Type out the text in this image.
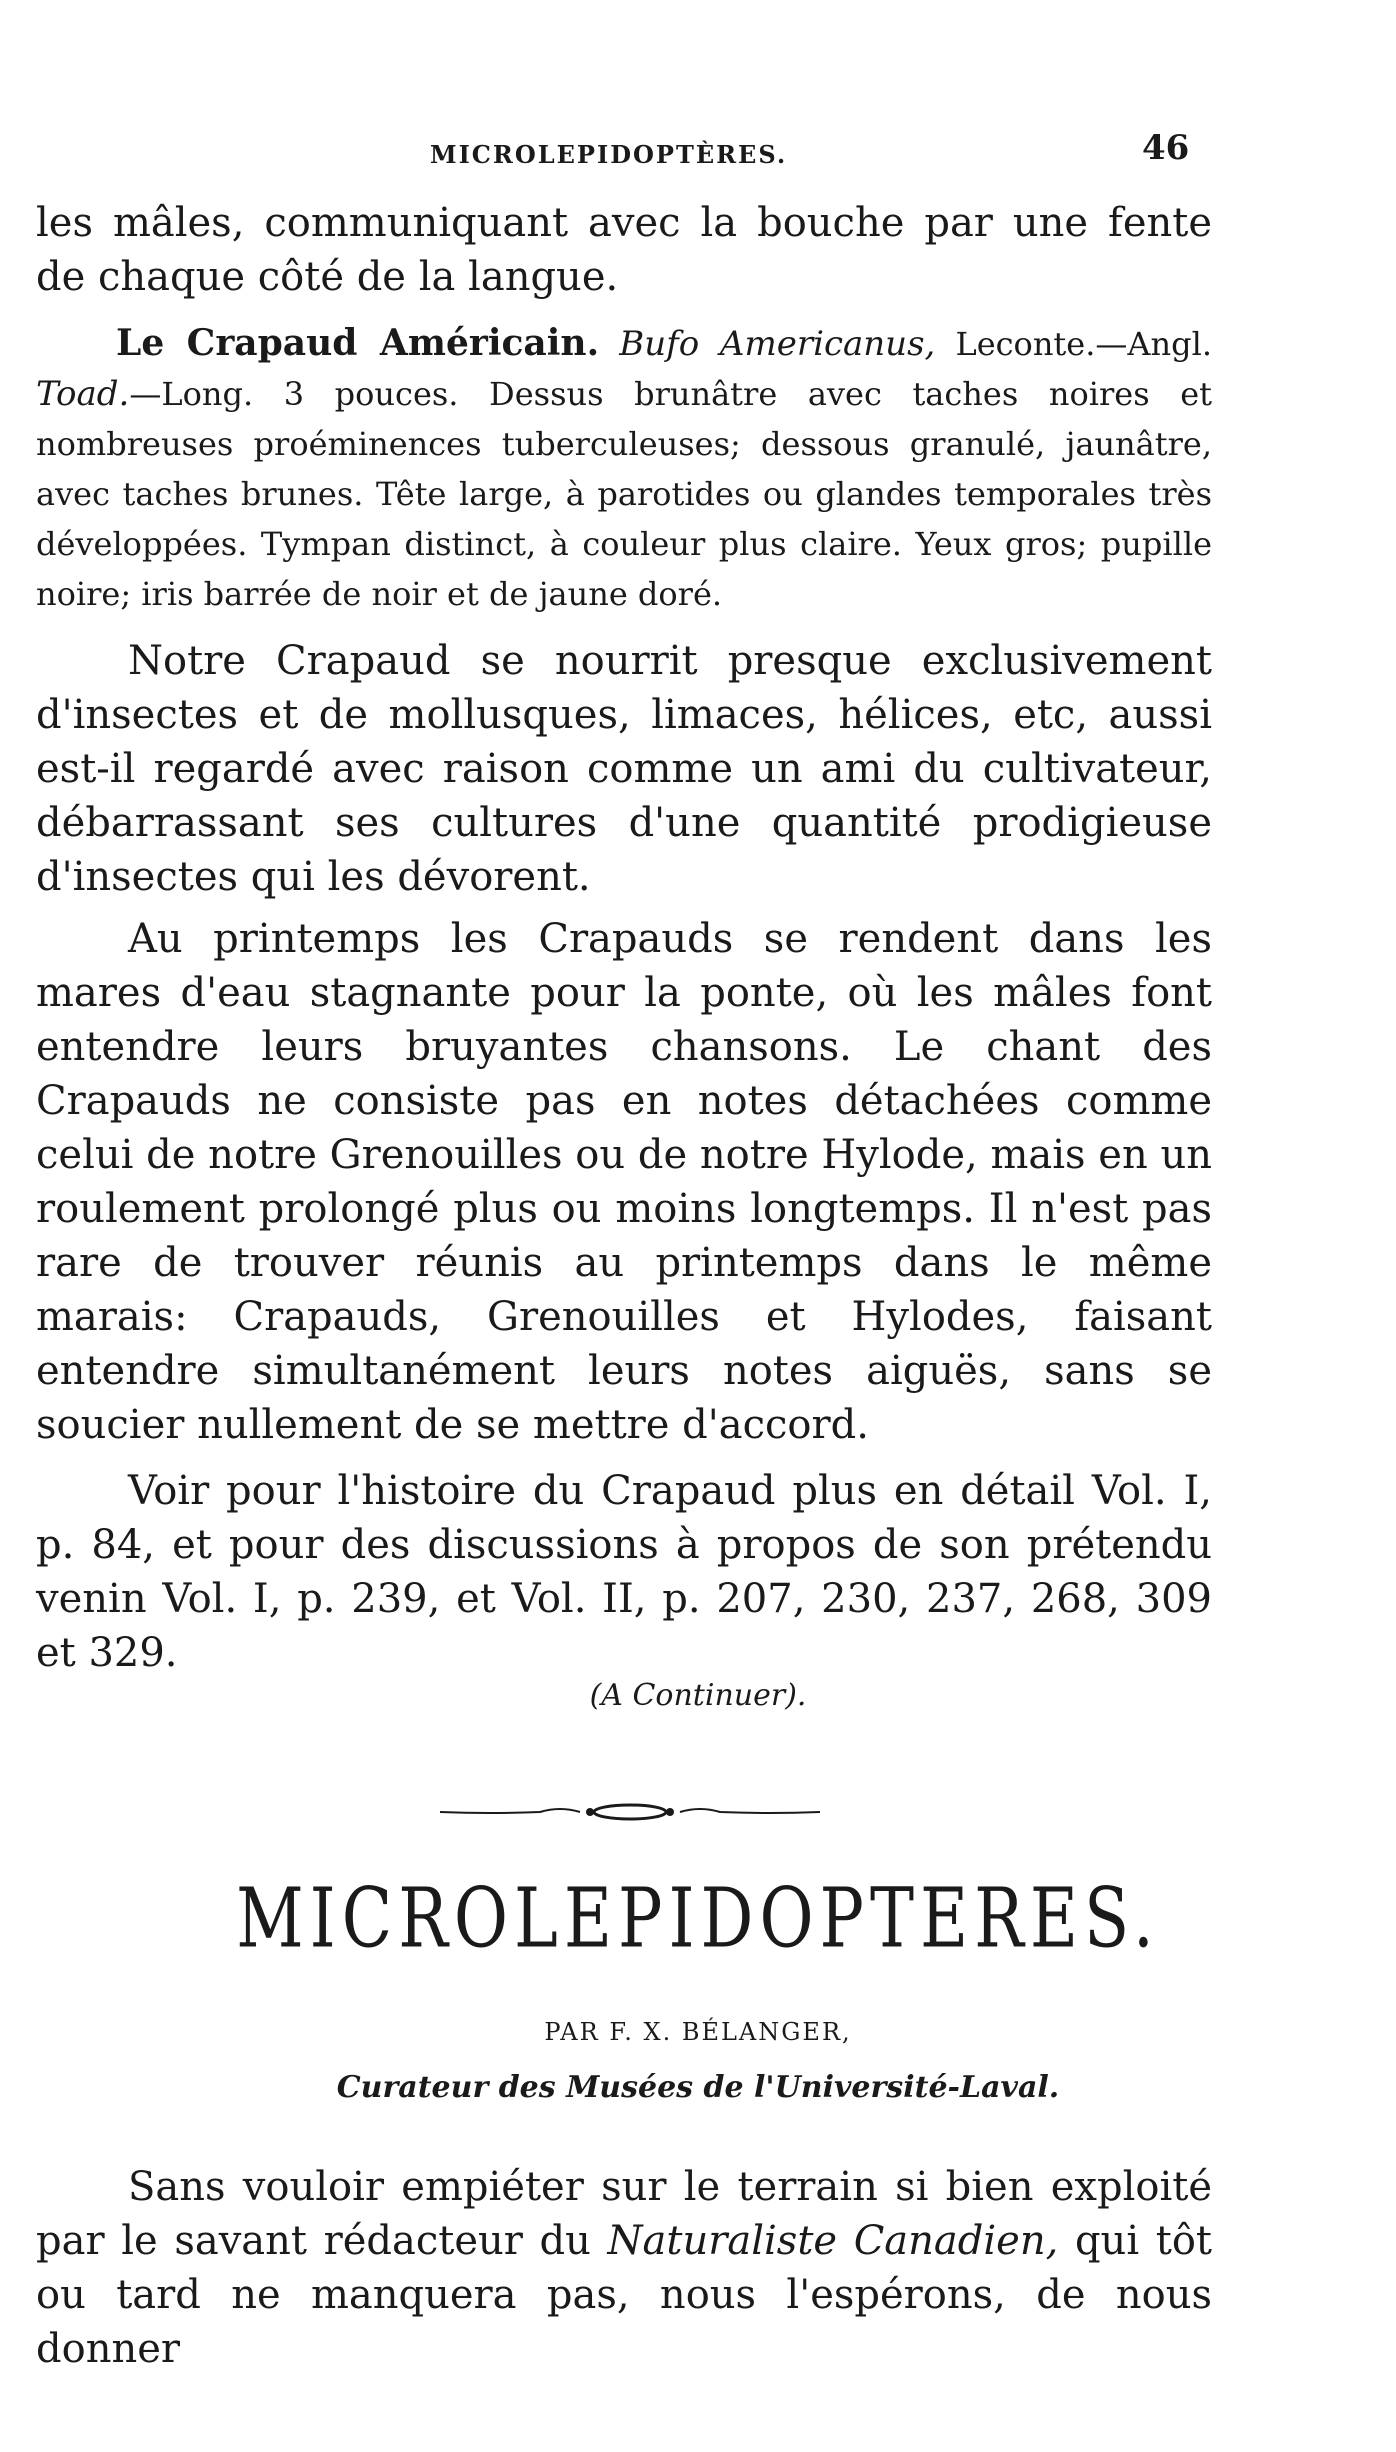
MICROLEPIDOPTÈRES.	46

les mâles, communiquant avec la bouche par une fente de chaque côté de la langue.

Le Crapaud Américain. Bufo Americanus, Leconte.—Angl. Toad.—Long. 3 pouces. Dessus brunâtre avec taches noires et nombreuses proéminences tuberculeuses; dessous granulé, jaunâtre, avec taches brunes. Tête large, à parotides ou glandes temporales très développées. Tympan distinct, à couleur plus claire. Yeux gros; pupille noire; iris barrée de noir et de jaune doré.

Notre Crapaud se nourrit presque exclusivement d'insectes et de mollusques, limaces, hélices, etc, aussi est-il regardé avec raison comme un ami du cultivateur, débarrassant ses cultures d'une quantité prodigieuse d'insectes qui les dévorent.

Au printemps les Crapauds se rendent dans les mares d'eau stagnante pour la ponte, où les mâles font entendre leurs bruyantes chansons. Le chant des Crapauds ne consiste pas en notes détachées comme celui de notre Grenouilles ou de notre Hylode, mais en un roulement prolongé plus ou moins longtemps. Il n'est pas rare de trouver réunis au printemps dans le même marais: Crapauds, Grenouilles et Hylodes, faisant entendre simultanément leurs notes aiguës, sans se soucier nullement de se mettre d'accord.

Voir pour l'histoire du Crapaud plus en détail Vol. I, p. 84, et pour des discussions à propos de son prétendu venin Vol. I, p. 239, et Vol. II, p. 207, 230, 237, 268, 309 et 329.

(A Continuer).
MICROLEPIDOPTERES.
PAR F. X. BÉLANGER,
Curateur des Musées de l'Université-Laval.

Sans vouloir empiéter sur le terrain si bien exploité par le savant rédacteur du Naturaliste Canadien, qui tôt ou tard ne manquera pas, nous l'espérons, de nous donner
